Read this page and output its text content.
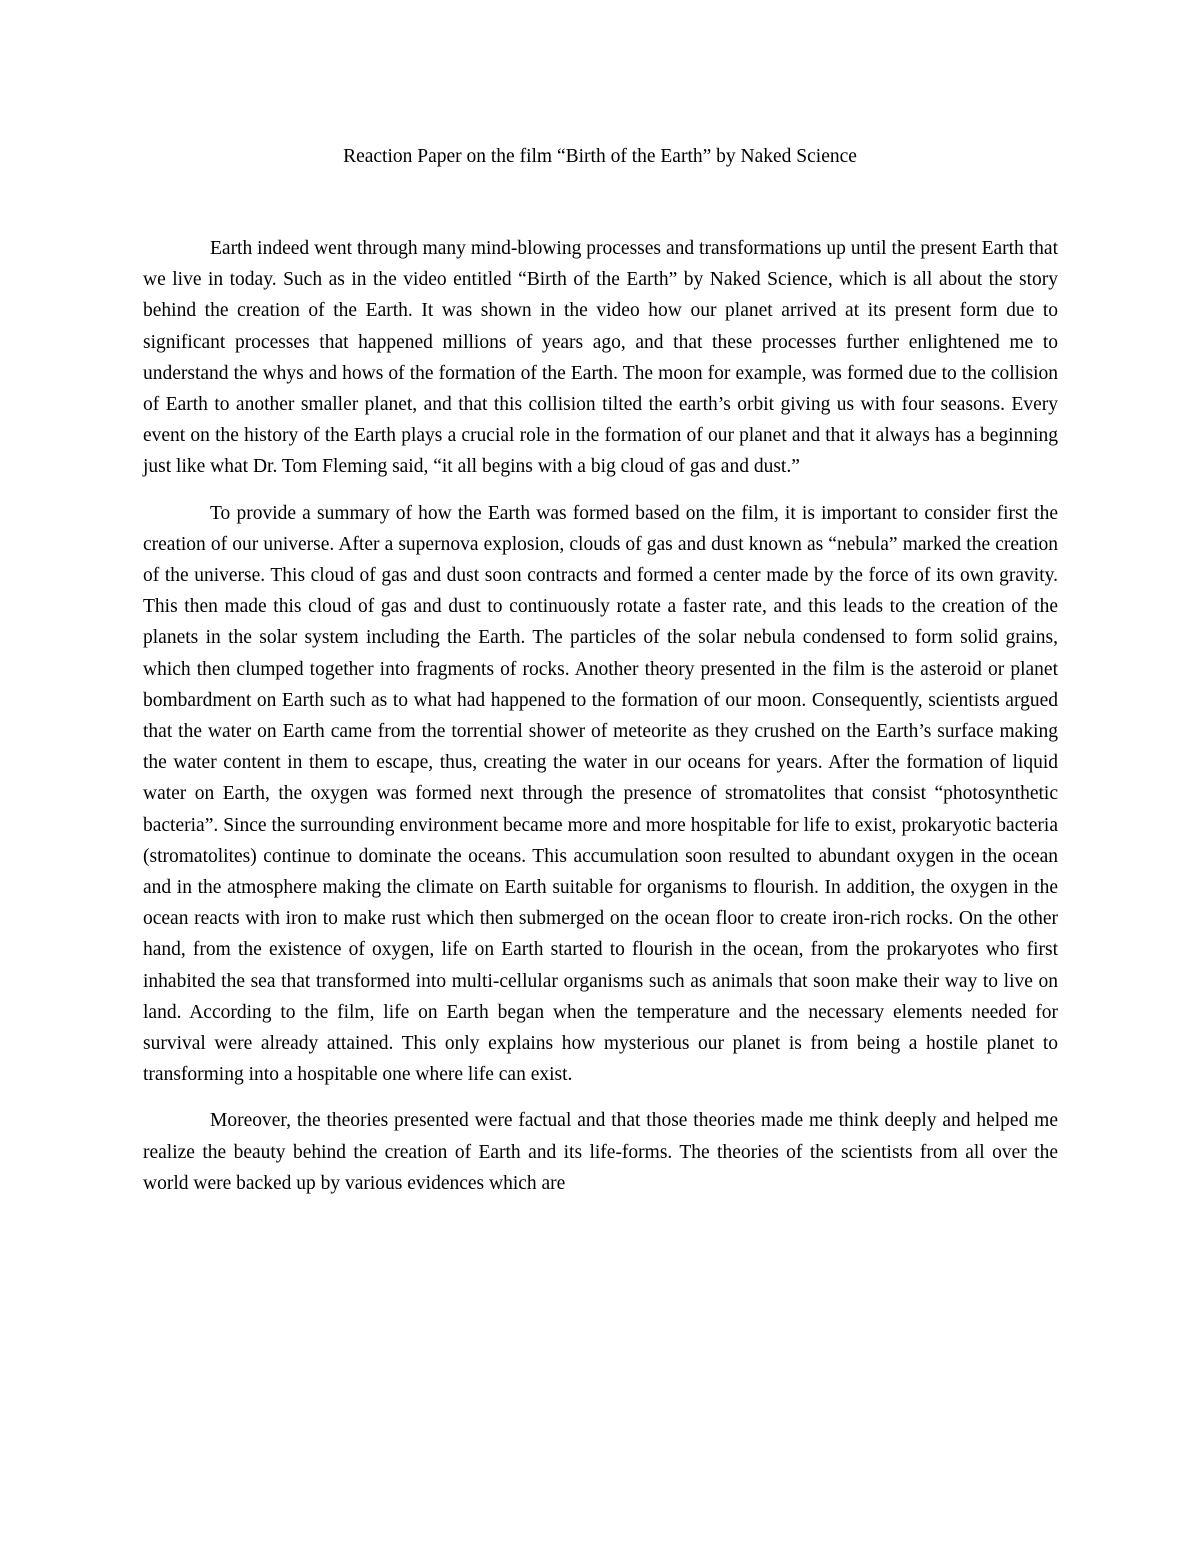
Reaction Paper on the film “Birth of the Earth” by Naked Science

Earth indeed went through many mind-blowing processes and transformations up until the present Earth that we live in today. Such as in the video entitled “Birth of the Earth” by Naked Science, which is all about the story behind the creation of the Earth. It was shown in the video how our planet arrived at its present form due to significant processes that happened millions of years ago, and that these processes further enlightened me to understand the whys and hows of the formation of the Earth. The moon for example, was formed due to the collision of Earth to another smaller planet, and that this collision tilted the earth’s orbit giving us with four seasons. Every event on the history of the Earth plays a crucial role in the formation of our planet and that it always has a beginning just like what Dr. Tom Fleming said, “it all begins with a big cloud of gas and dust.”

To provide a summary of how the Earth was formed based on the film, it is important to consider first the creation of our universe. After a supernova explosion, clouds of gas and dust known as “nebula” marked the creation of the universe. This cloud of gas and dust soon contracts and formed a center made by the force of its own gravity. This then made this cloud of gas and dust to continuously rotate a faster rate, and this leads to the creation of the planets in the solar system including the Earth. The particles of the solar nebula condensed to form solid grains, which then clumped together into fragments of rocks. Another theory presented in the film is the asteroid or planet bombardment on Earth such as to what had happened to the formation of our moon. Consequently, scientists argued that the water on Earth came from the torrential shower of meteorite as they crushed on the Earth’s surface making the water content in them to escape, thus, creating the water in our oceans for years. After the formation of liquid water on Earth, the oxygen was formed next through the presence of stromatolites that consist “photosynthetic bacteria”. Since the surrounding environment became more and more hospitable for life to exist, prokaryotic bacteria (stromatolites) continue to dominate the oceans. This accumulation soon resulted to abundant oxygen in the ocean and in the atmosphere making the climate on Earth suitable for organisms to flourish. In addition, the oxygen in the ocean reacts with iron to make rust which then submerged on the ocean floor to create iron-rich rocks. On the other hand, from the existence of oxygen, life on Earth started to flourish in the ocean, from the prokaryotes who first inhabited the sea that transformed into multi-cellular organisms such as animals that soon make their way to live on land. According to the film, life on Earth began when the temperature and the necessary elements needed for survival were already attained. This only explains how mysterious our planet is from being a hostile planet to transforming into a hospitable one where life can exist.

Moreover, the theories presented were factual and that those theories made me think deeply and helped me realize the beauty behind the creation of Earth and its life-forms. The theories of the scientists from all over the world were backed up by various evidences which are
